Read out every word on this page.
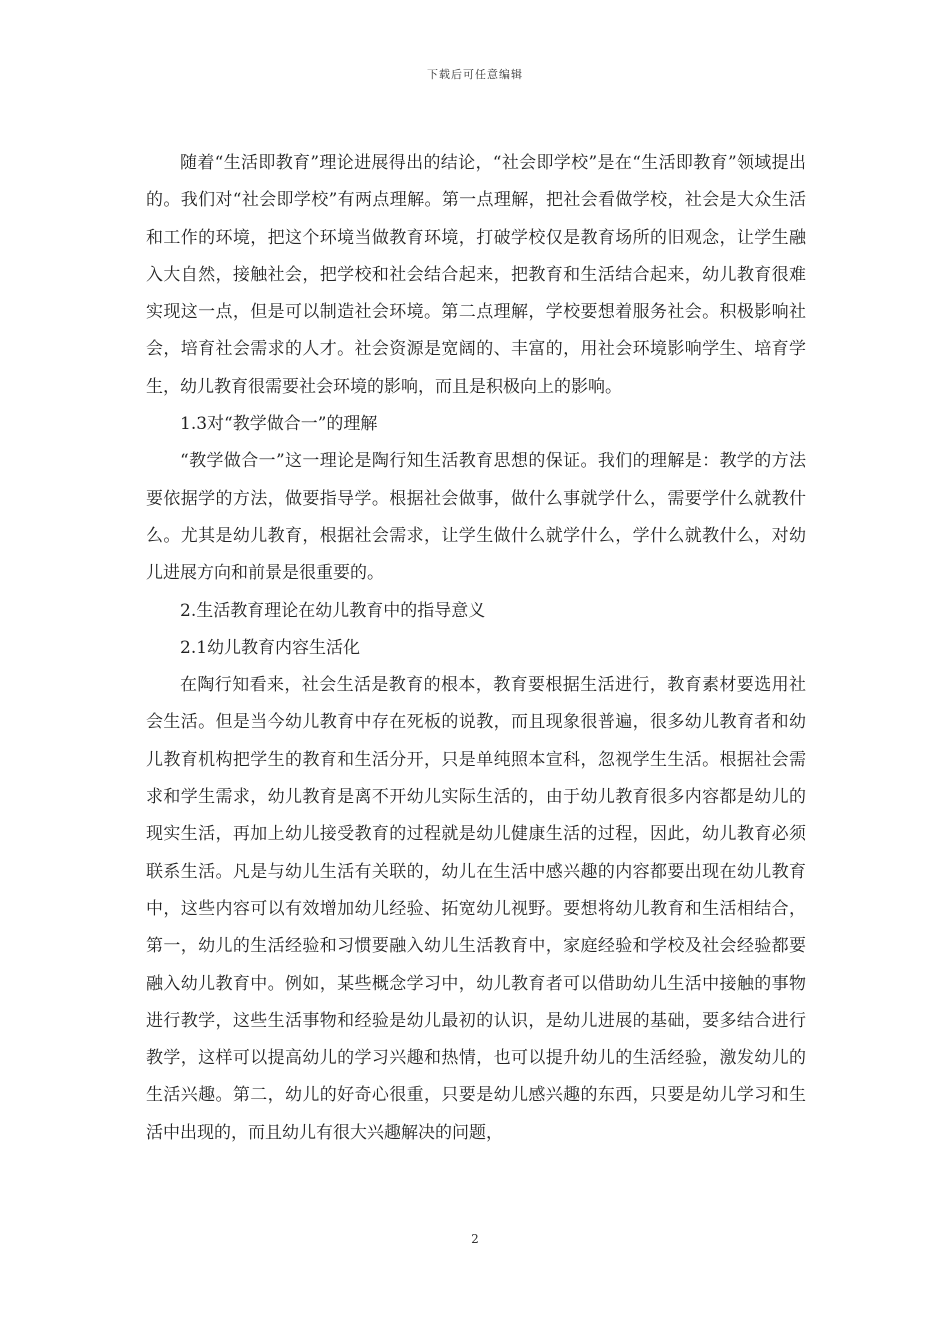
下载后可任意编辑

随着“生活即教育”理论进展得出的结论，“社会即学校”是在“生活即教育”领域提出的。我们对“社会即学校”有两点理解。第一点理解，把社会看做学校，社会是大众生活和工作的环境，把这个环境当做教育环境，打破学校仅是教育场所的旧观念，让学生融入大自然，接触社会，把学校和社会结合起来，把教育和生活结合起来，幼儿教育很难实现这一点，但是可以制造社会环境。第二点理解，学校要想着服务社会。积极影响社会，培育社会需求的人才。社会资源是宽阔的、丰富的，用社会环境影响学生、培育学生，幼儿教育很需要社会环境的影响，而且是积极向上的影响。

1.3对“教学做合一”的理解

“教学做合一”这一理论是陶行知生活教育思想的保证。我们的理解是：教学的方法要依据学的方法，做要指导学。根据社会做事，做什么事就学什么，需要学什么就教什么。尤其是幼儿教育，根据社会需求，让学生做什么就学什么，学什么就教什么，对幼儿进展方向和前景是很重要的。

2.生活教育理论在幼儿教育中的指导意义

2.1幼儿教育内容生活化

在陶行知看来，社会生活是教育的根本，教育要根据生活进行，教育素材要选用社会生活。但是当今幼儿教育中存在死板的说教，而且现象很普遍，很多幼儿教育者和幼儿教育机构把学生的教育和生活分开，只是单纯照本宣科，忽视学生生活。根据社会需求和学生需求，幼儿教育是离不开幼儿实际生活的，由于幼儿教育很多内容都是幼儿的现实生活，再加上幼儿接受教育的过程就是幼儿健康生活的过程，因此，幼儿教育必须联系生活。凡是与幼儿生活有关联的，幼儿在生活中感兴趣的内容都要出现在幼儿教育中，这些内容可以有效增加幼儿经验、拓宽幼儿视野。要想将幼儿教育和生活相结合，第一，幼儿的生活经验和习惯要融入幼儿生活教育中，家庭经验和学校及社会经验都要融入幼儿教育中。例如，某些概念学习中，幼儿教育者可以借助幼儿生活中接触的事物进行教学，这些生活事物和经验是幼儿最初的认识，是幼儿进展的基础，要多结合进行教学，这样可以提高幼儿的学习兴趣和热情，也可以提升幼儿的生活经验，激发幼儿的生活兴趣。第二，幼儿的好奇心很重，只要是幼儿感兴趣的东西，只要是幼儿学习和生活中出现的，而且幼儿有很大兴趣解决的问题，

2
